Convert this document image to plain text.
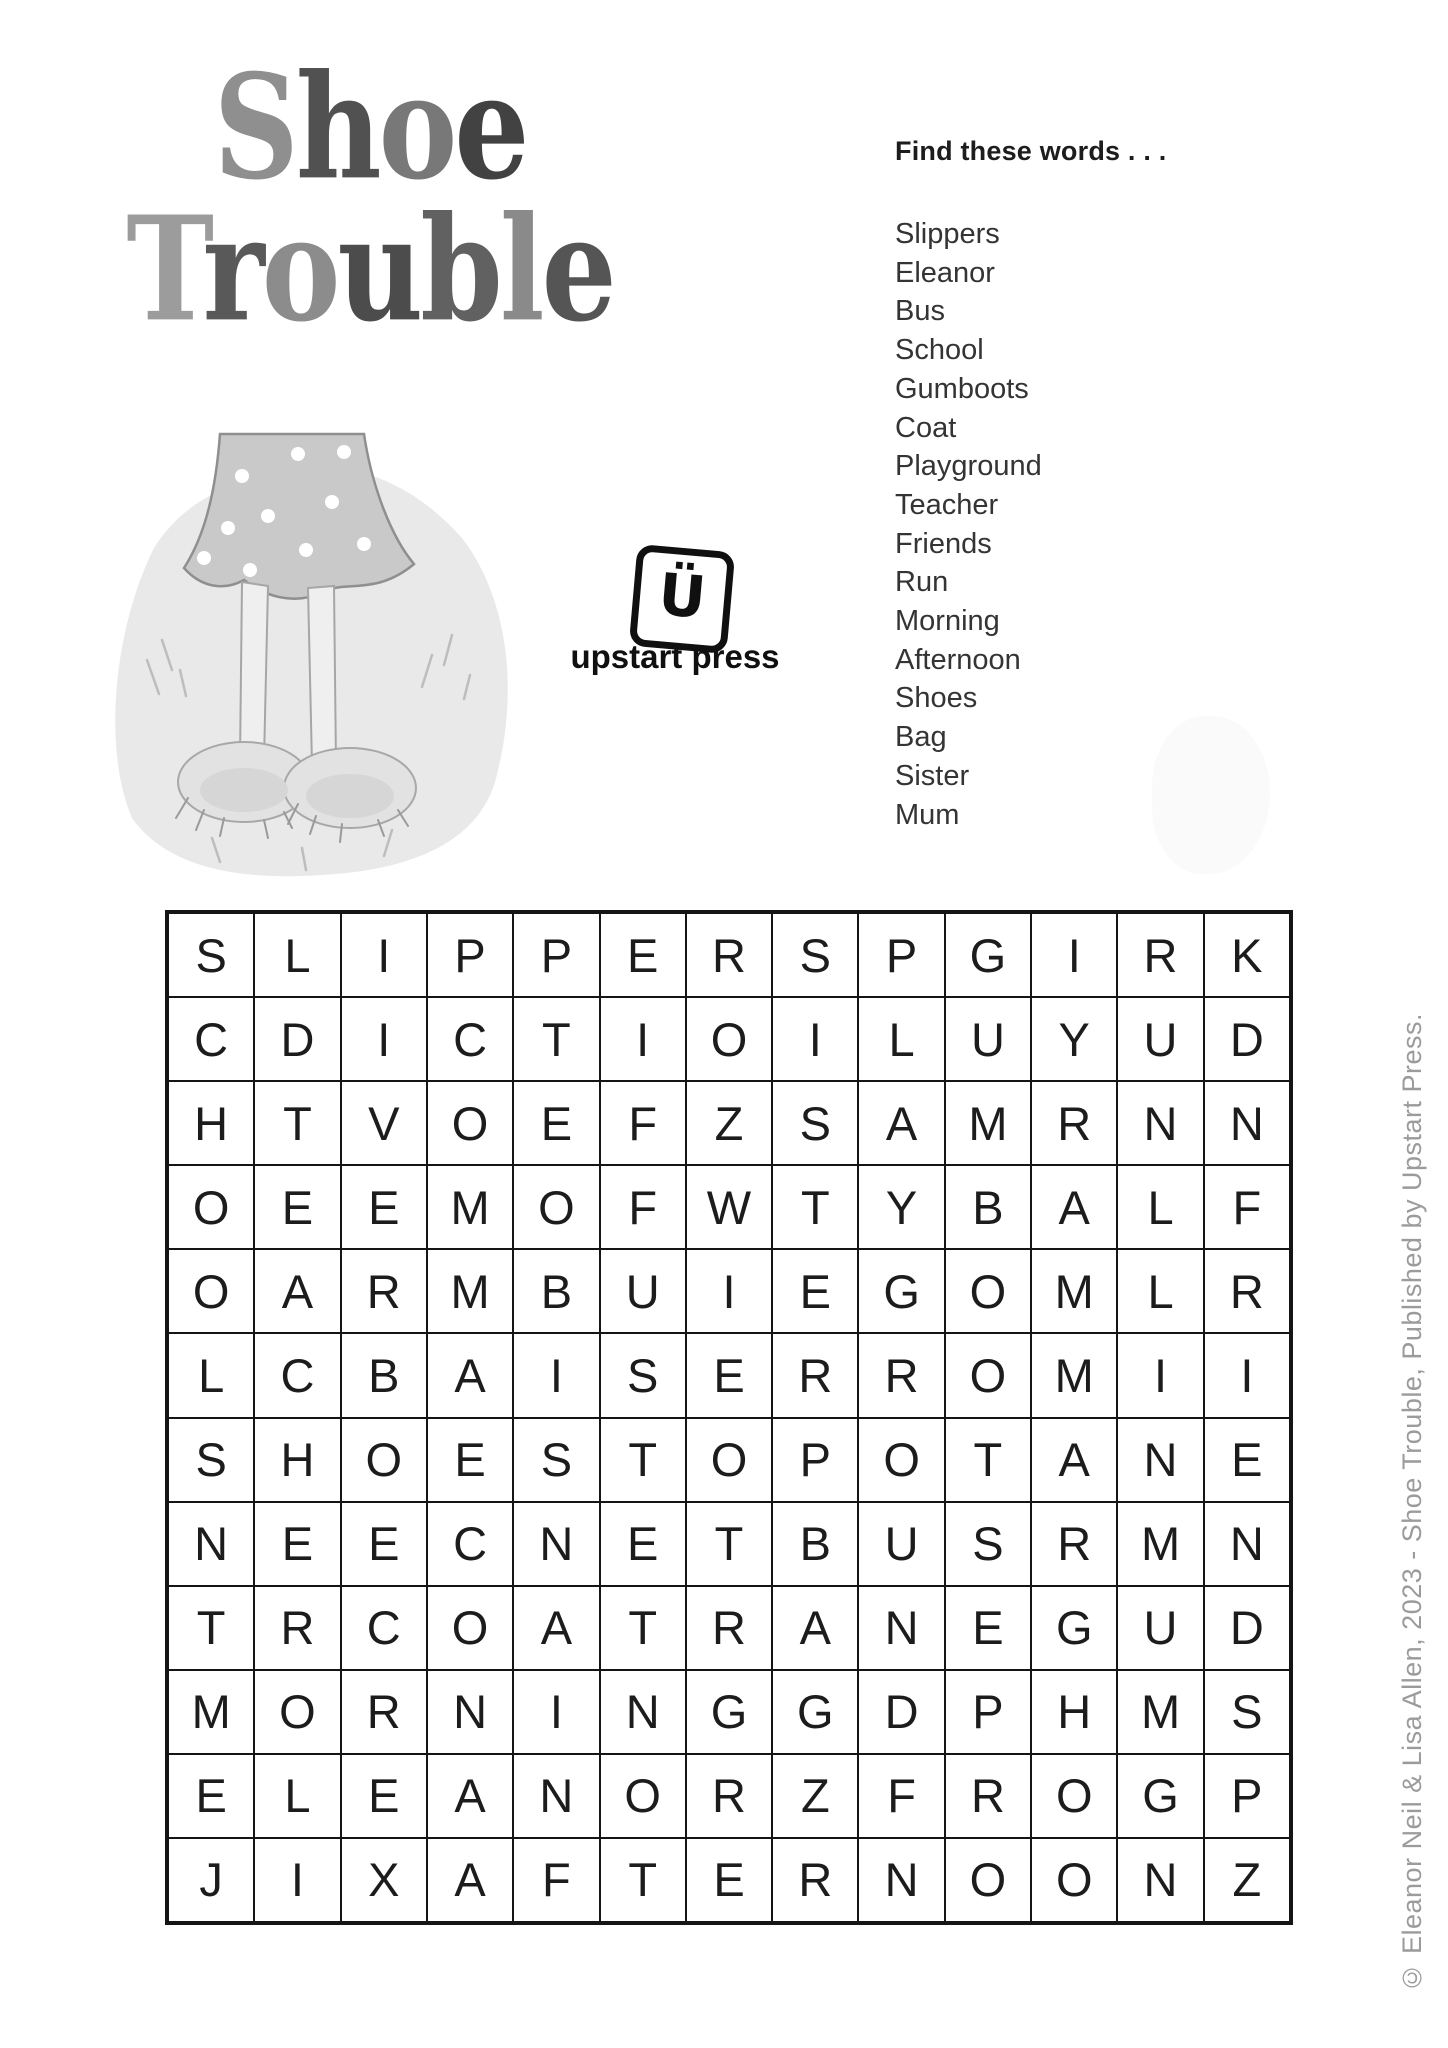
Shoe
Trouble
Ü
upstart press
Find these words . . .
Slippers
Eleanor
Bus
School
Gumboots
Coat
Playground
Teacher
Friends
Run
Morning
Afternoon
Shoes
Bag
Sister
Mum
S	L	I	P	P	E	R	S	P	G	I	R	K
C	D	I	C	T	I	O	I	L	U	Y	U	D
H	T	V	O	E	F	Z	S	A	M	R	N	N
O	E	E	M	O	F	W	T	Y	B	A	L	F
O	A	R	M	B	U	I	E	G	O	M	L	R
L	C	B	A	I	S	E	R	R	O	M	I	I
S	H	O	E	S	T	O	P	O	T	A	N	E
N	E	E	C	N	E	T	B	U	S	R	M	N
T	R	C	O	A	T	R	A	N	E	G	U	D
M	O	R	N	I	N	G	G	D	P	H	M	S
E	L	E	A	N	O	R	Z	F	R	O	G	P
J	I	X	A	F	T	E	R	N	O	O	N	Z	© Eleanor Neil & Lisa Allen, 2023 - Shoe Trouble, Published by Upstart Press.
